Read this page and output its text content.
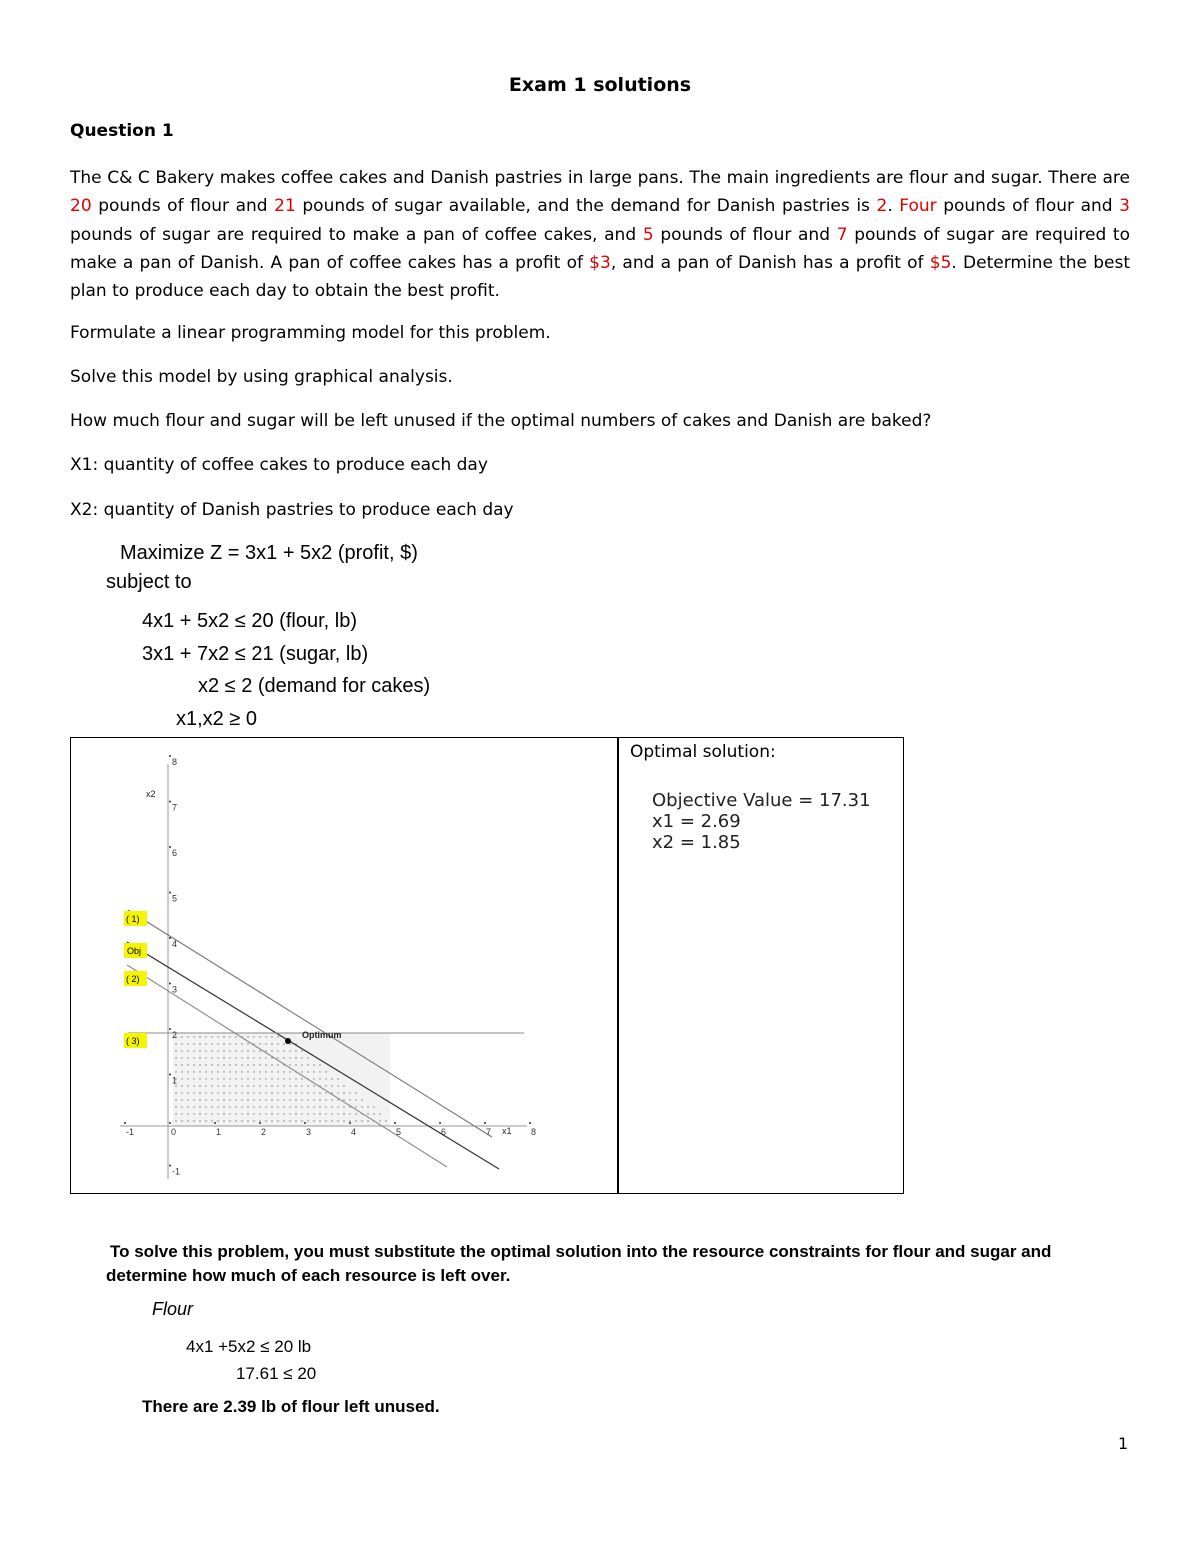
Exam 1 solutions
Question 1
The C& C Bakery makes coffee cakes and Danish pastries in large pans. The main ingredients are flour and sugar. There are 20 pounds of flour and 21 pounds of sugar available, and the demand for Danish pastries is 2. Four pounds of flour and 3 pounds of sugar are required to make a pan of coffee cakes, and 5 pounds of flour and 7 pounds of sugar are required to make a pan of Danish. A pan of coffee cakes has a profit of $3, and a pan of Danish has a profit of $5. Determine the best plan to produce each day to obtain the best profit.
Formulate a linear programming model for this problem.
Solve this model by using graphical analysis.
How much flour and sugar will be left unused if the optimal numbers of cakes and Danish are baked?
X1: quantity of coffee cakes to produce each day
X2: quantity of Danish pastries to produce each day
Maximize Z = 3x1 + 5x2 (profit, $)
subject to
4x1 + 5x2 ≤ 20 (flour, lb)
3x1 + 7x2 ≤ 21 (sugar, lb)
x2 ≤ 2 (demand for cakes)
x1,x2 ≥ 0
Optimum
x2
x1
-1	0	1	2	3	4	5	6	7	8
-1
1
2
3
4
5
6
7
8
( 1)
Obj
( 2)
( 3)
Optimal solution:
Objective Value = 17.31
x1 = 2.69
x2 = 1.85
To solve this problem, you must substitute the optimal solution into the resource constraints for flour and sugar and determine how much of each resource is left over.
Flour
4x1 +5x2 ≤ 20 lb
17.61 ≤ 20
There are 2.39 lb of flour left unused.
1
